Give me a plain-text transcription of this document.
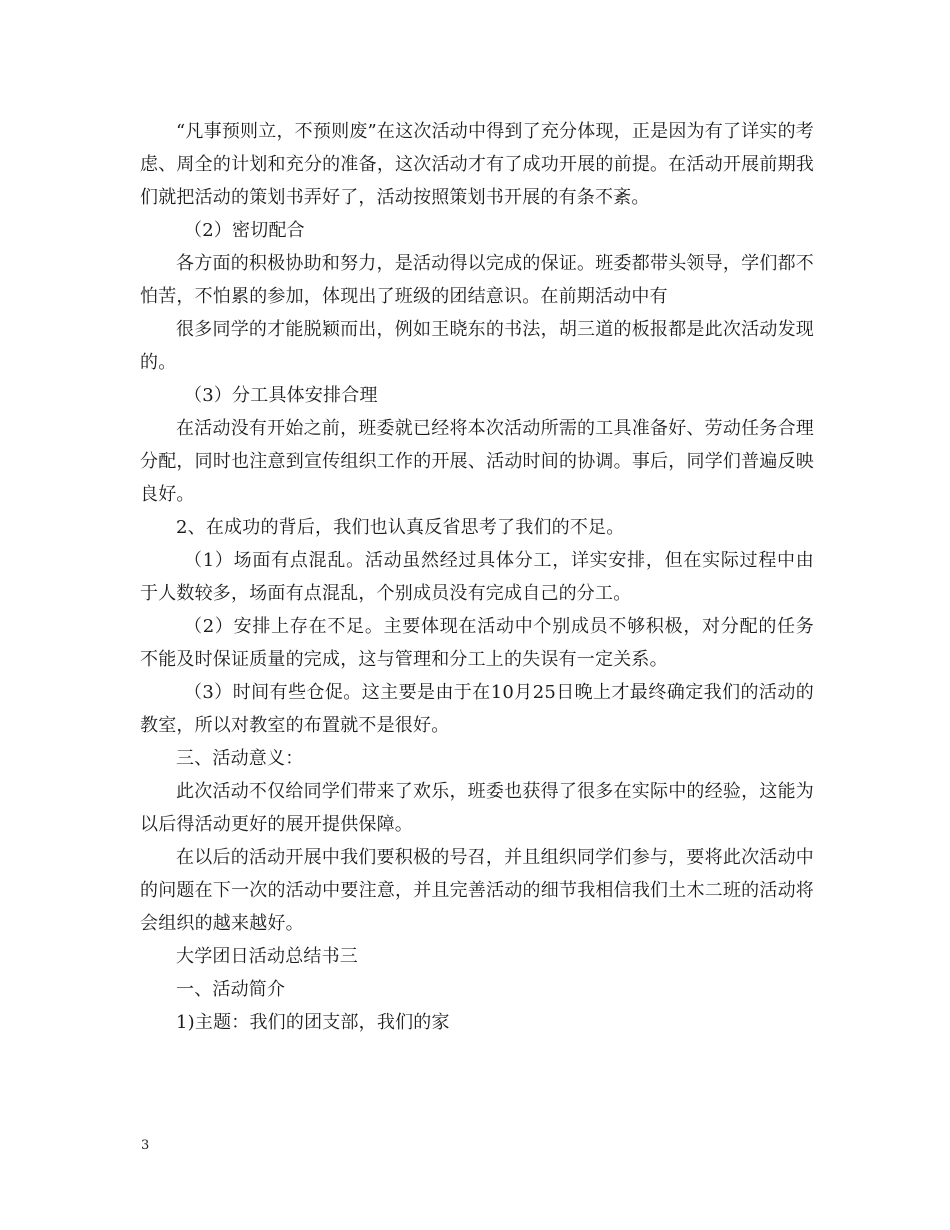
“凡事预则立，不预则废”在这次活动中得到了充分体现，正是因为有了详实的考虑、周全的计划和充分的准备，这次活动才有了成功开展的前提。在活动开展前期我们就把活动的策划书弄好了，活动按照策划书开展的有条不紊。

（2）密切配合

各方面的积极协助和努力，是活动得以完成的保证。班委都带头领导，学们都不怕苦，不怕累的参加，体现出了班级的团结意识。在前期活动中有

很多同学的才能脱颖而出，例如王晓东的书法，胡三道的板报都是此次活动发现的。

（3）分工具体安排合理

在活动没有开始之前，班委就已经将本次活动所需的工具准备好、劳动任务合理分配，同时也注意到宣传组织工作的开展、活动时间的协调。事后，同学们普遍反映良好。

2、在成功的背后，我们也认真反省思考了我们的不足。

（1）场面有点混乱。活动虽然经过具体分工，详实安排，但在实际过程中由于人数较多，场面有点混乱，个别成员没有完成自己的分工。

（2）安排上存在不足。主要体现在活动中个别成员不够积极，对分配的任务不能及时保证质量的完成，这与管理和分工上的失误有一定关系。

（3）时间有些仓促。这主要是由于在10月25日晚上才最终确定我们的活动的教室，所以对教室的布置就不是很好。

三、活动意义：

此次活动不仅给同学们带来了欢乐，班委也获得了很多在实际中的经验，这能为以后得活动更好的展开提供保障。

在以后的活动开展中我们要积极的号召，并且组织同学们参与，要将此次活动中的问题在下一次的活动中要注意，并且完善活动的细节我相信我们土木二班的活动将会组织的越来越好。

大学团日活动总结书三

一、活动简介

1)主题：我们的团支部，我们的家

3
